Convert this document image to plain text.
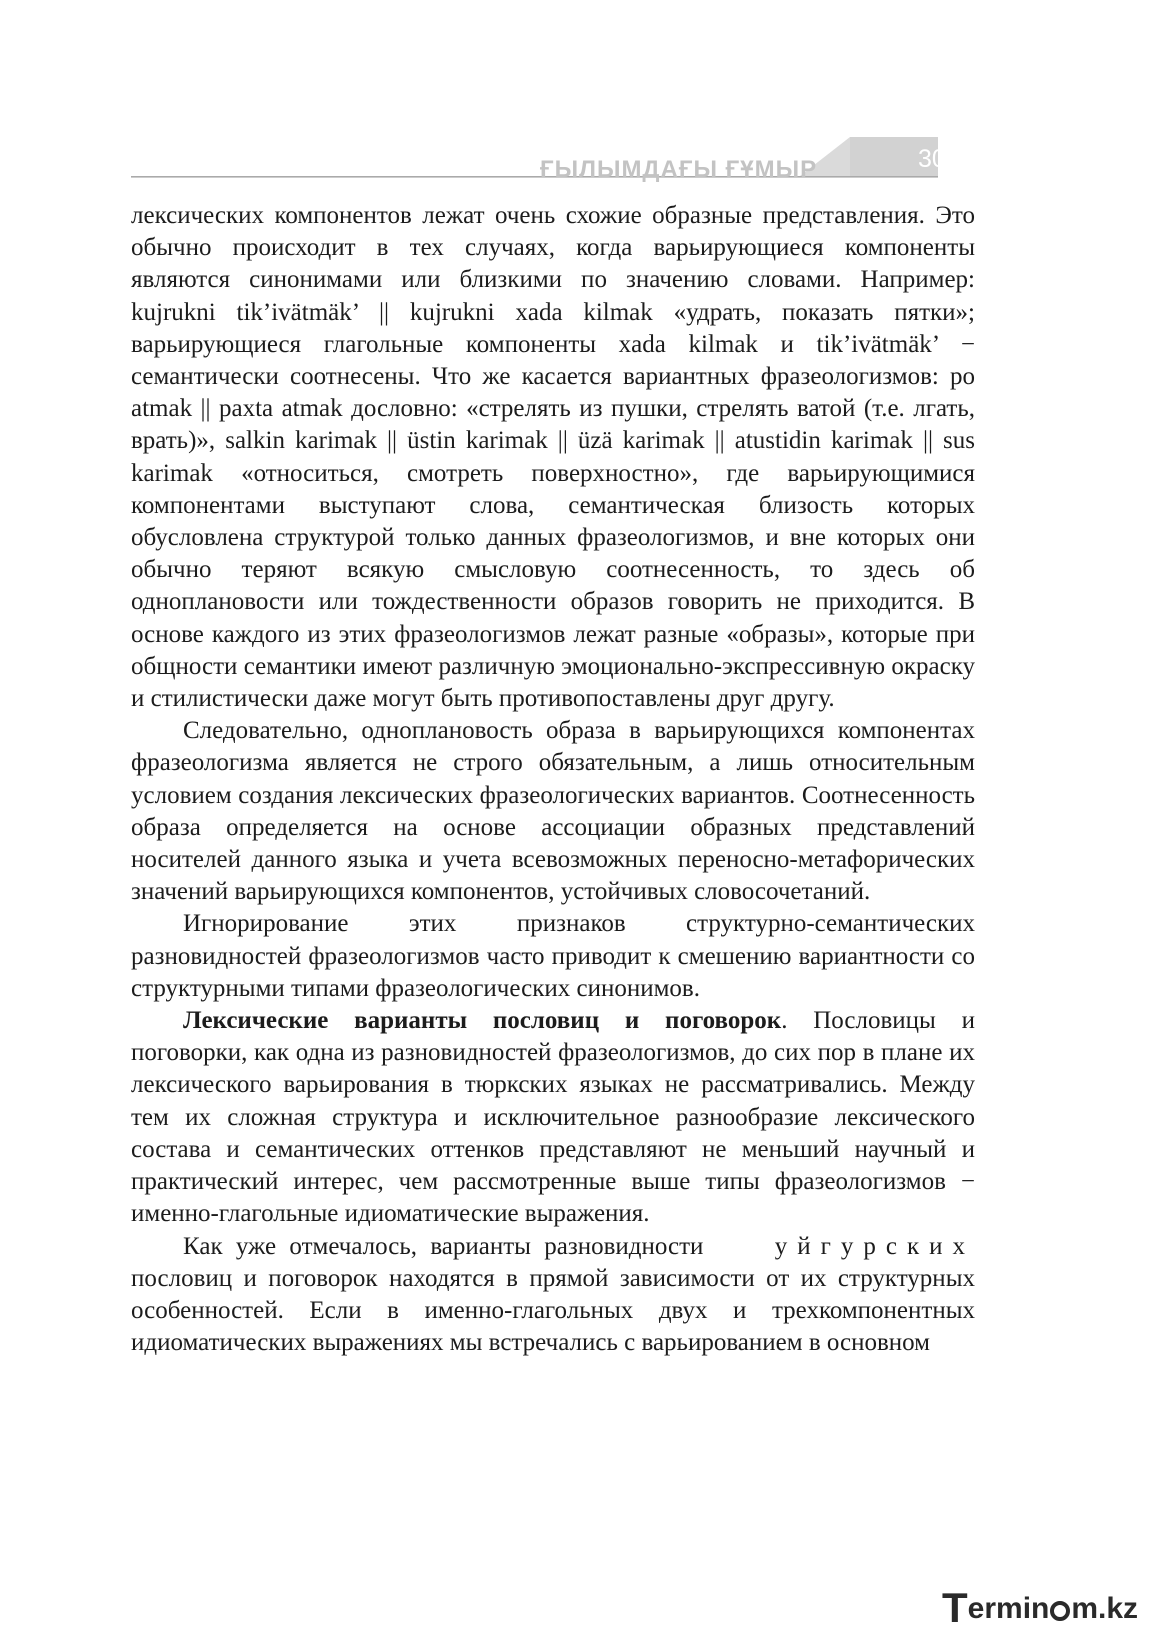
ҒЫЛЫМДАҒЫ ҒҰМЫР	309

лексических компонентов лежат очень схожие образные представления. Это обычно происходит в тех случаях, когда варьирующиеся компоненты являются синонимами или близкими по значению словами. Например: kujrukni tik’ivätmäk’ || kujrukni xada kilmak «удрать, показать пятки»; варьирующиеся глагольные компоненты xada kilmak и tik’ivätmäk’ − семантически соотнесены. Что же касается вариантных фразеологизмов: po atmak || paxta atmak дословно: «стрелять из пушки, стрелять ватой (т.е. лгать, врать)», salkin karimak || üstin karimak || üzä karimak || atustidin karimak || sus karimak «относиться, смотреть поверхностно», где варьирующимися компонентами выступают слова, семантическая близость которых обусловлена структурой только данных фразеологизмов, и вне которых они обычно теряют всякую смысловую соотнесенность, то здесь об одноплановости или тождественности образов говорить не приходится. В основе каждого из этих фразеологизмов лежат разные «образы», которые при общности семантики имеют различную эмоционально-экспрессивную окраску и стилистически даже могут быть противопоставлены друг другу.

Следовательно, одноплановость образа в варьирующихся компонентах фразеологизма является не строго обязательным, а лишь относительным условием создания лексических фразеологических вариантов. Соотнесенность образа определяется на основе ассоциации образных представлений носителей данного языка и учета всевозможных переносно-метафорических значений варьирующихся компонентов, устойчивых словосочетаний.

Игнорирование этих признаков структурно-семантических разновидностей фразеологизмов часто приводит к смешению вариантности со структурными типами фразеологических синонимов.

Лексические варианты пословиц и поговорок. Пословицы и поговорки, как одна из разновидностей фразеологизмов, до сих пор в плане их лексического варьирования в тюркских языках не рассматривались. Между тем их сложная структура и исключительное разнообразие лексического состава и семантических оттенков представляют не меньший научный и практический интерес, чем рассмотренные выше типы фразеологизмов − именно-глагольные идиоматические выражения.

Как уже отмечалось, варианты разновидности	уйгурских

пословиц и поговорок находятся в прямой зависимости от их структурных особенностей. Если в именно-глагольных двух и трехкомпонентных идиоматических выражениях мы встречались с варьированием в основном

Termin m.kz
